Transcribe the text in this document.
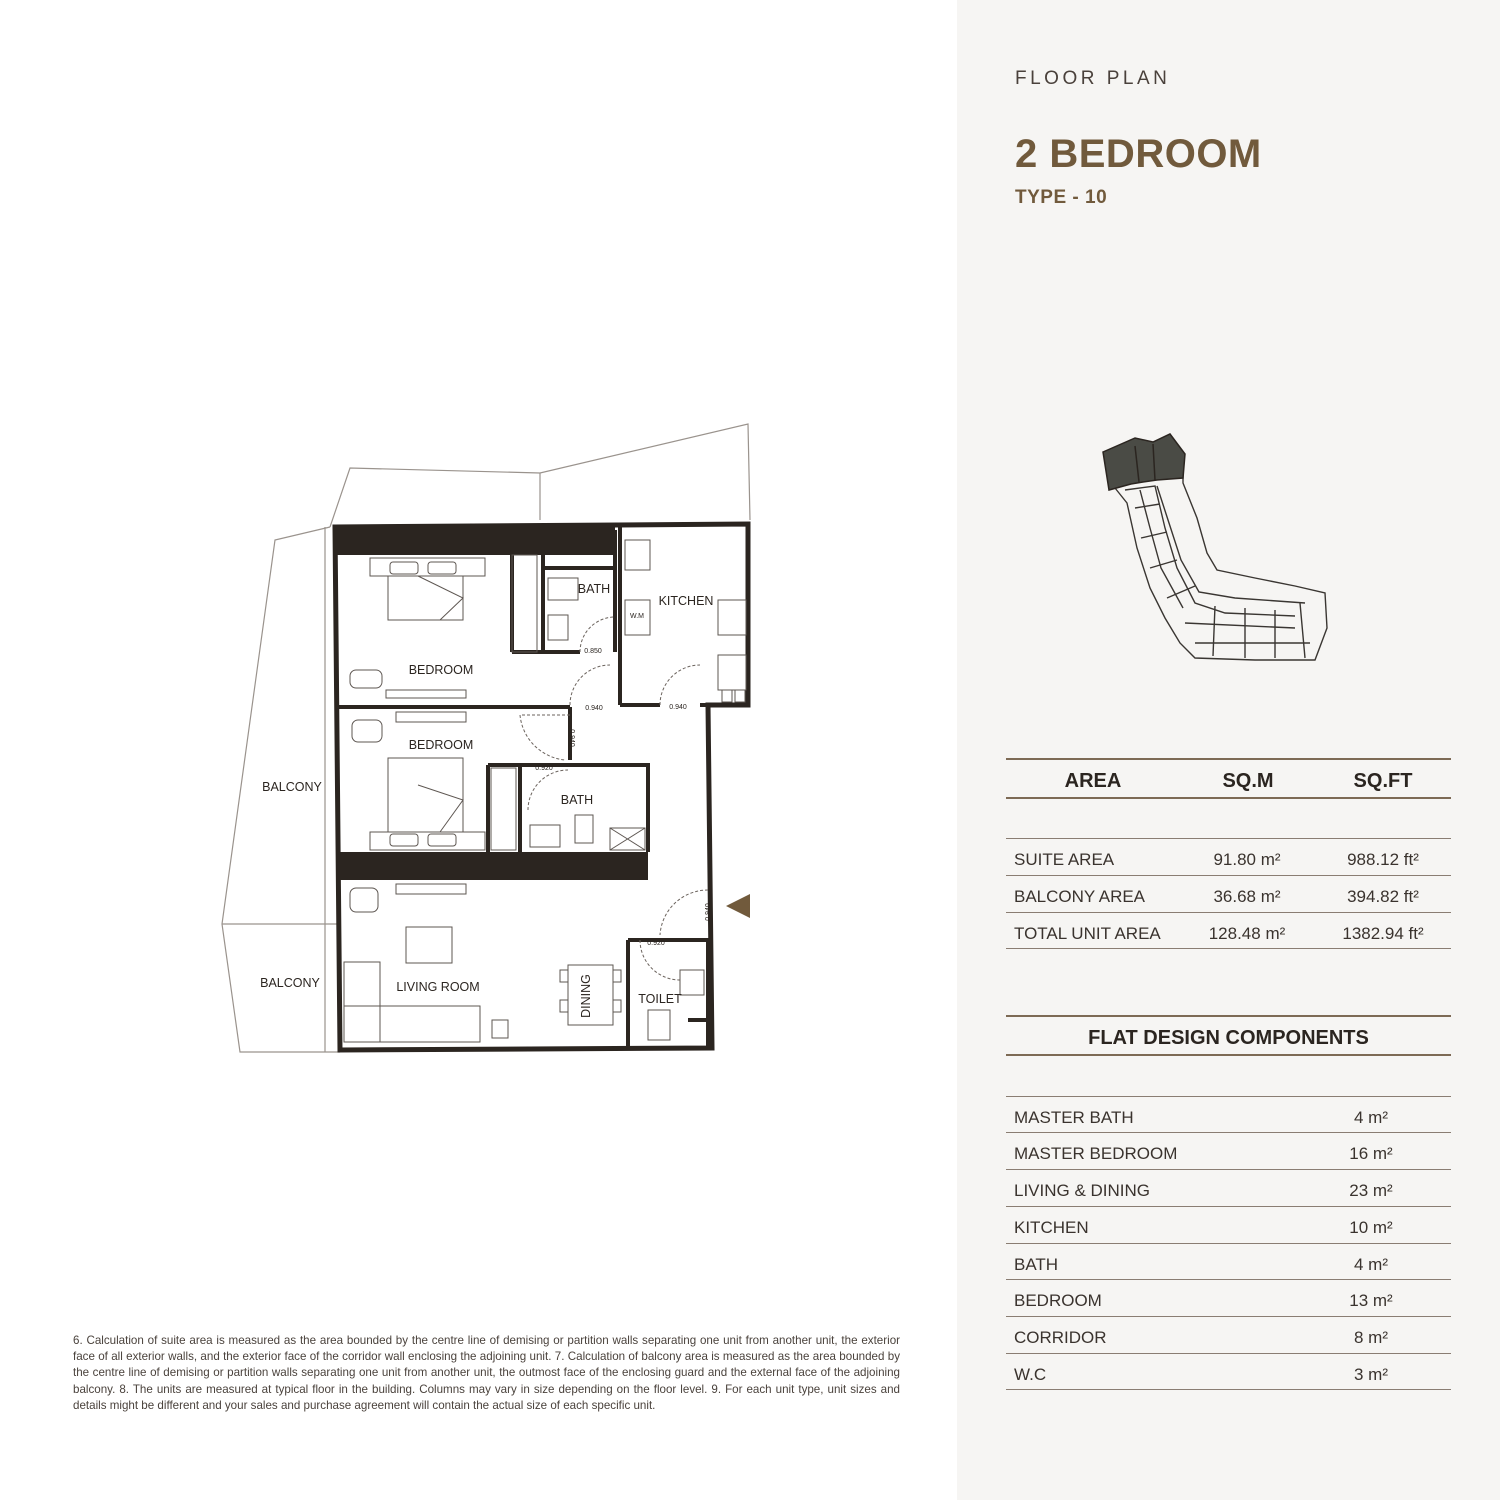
FLOOR PLAN
2 BEDROOM
TYPE - 10
AREA	SQ.M	SQ.FT
SUITE AREA	91.80 m²	988.12 ft²
BALCONY AREA	36.68 m²	394.82 ft²
TOTAL UNIT AREA	128.48 m²	1382.94 ft²
FLAT DESIGN COMPONENTS
MASTER BATH	4 m²
MASTER BEDROOM	16 m²
LIVING & DINING	23 m²
KITCHEN	10 m²
BATH	4 m²
BEDROOM	13 m²
CORRIDOR	8 m²
W.C	3 m²
BEDROOM
BEDROOM
BATH
BATH
KITCHEN
BALCONY
BALCONY	LIVING ROOM
TOILET
DINING
W.M
0.850
0.940	0.940
0.940
0.920
0.940
0.920
6. Calculation of suite area is measured as the area bounded by the centre line of demising or partition walls separating one unit from another unit, the exterior face of all exterior walls, and the exterior face of the corridor wall enclosing the adjoining unit. 7. Calculation of balcony area is measured as the area bounded by the centre line of demising or partition walls separating one unit from another unit, the outmost face of the enclosing guard and the external face of the adjoining balcony. 8. The units are measured at typical floor in the building. Columns may vary in size depending on the floor level. 9. For each unit type, unit sizes and details might be different and your sales and purchase agreement will contain the actual size of each specific unit.
